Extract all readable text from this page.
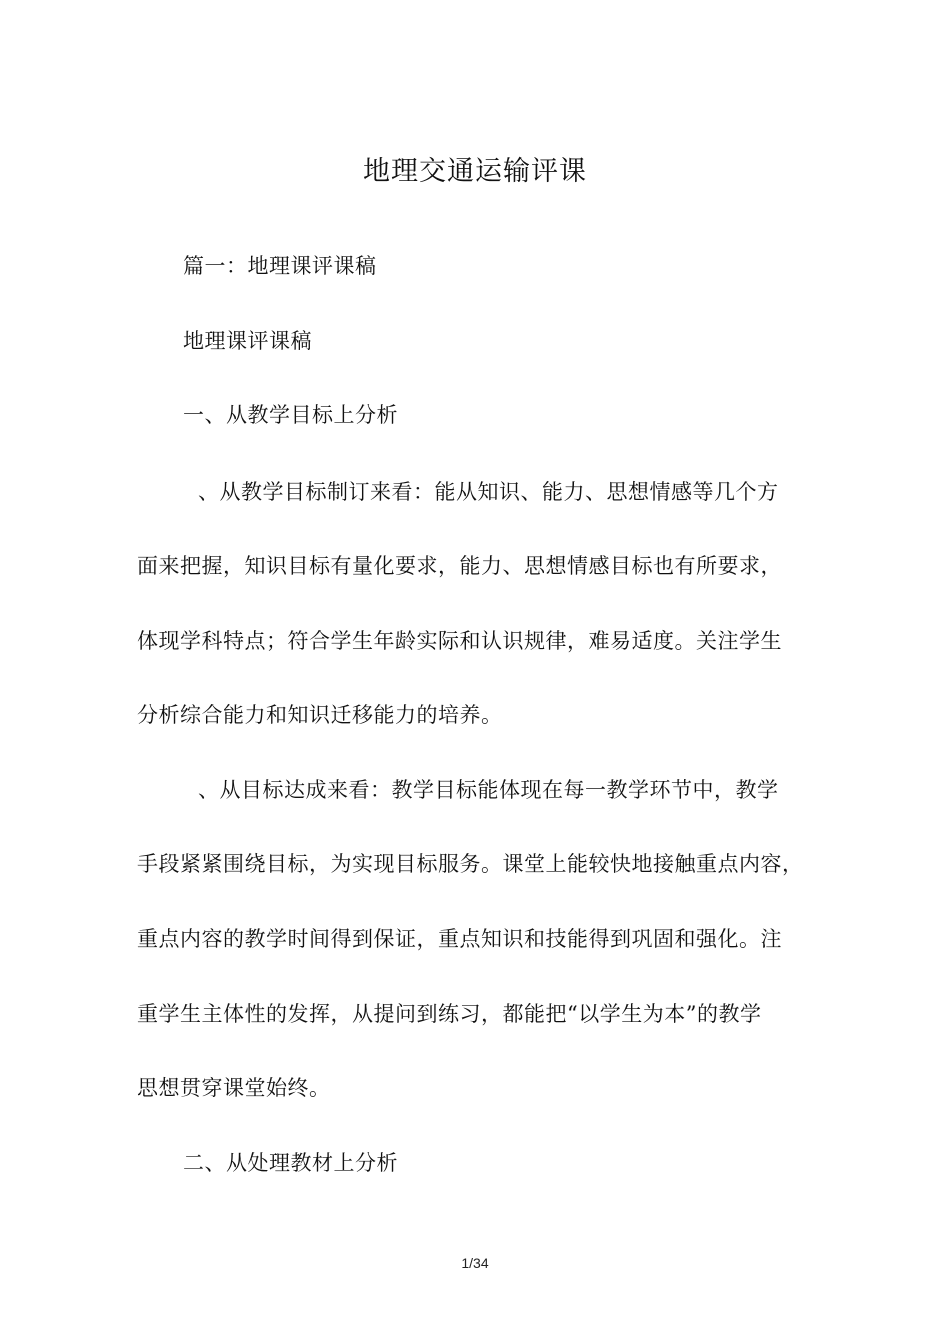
地理交通运输评课
篇一：地理课评课稿
地理课评课稿
一、从教学目标上分析
、从教学目标制订来看：能从知识、能力、思想情感等几个方
面来把握，知识目标有量化要求，能力、思想情感目标也有所要求，
体现学科特点；符合学生年龄实际和认识规律，难易适度。关注学生
分析综合能力和知识迁移能力的培养。
、从目标达成来看：教学目标能体现在每一教学环节中，教学
手段紧紧围绕目标，为实现目标服务。课堂上能较快地接触重点内容，
重点内容的教学时间得到保证，重点知识和技能得到巩固和强化。注
重学生主体性的发挥，从提问到练习，都能把“以学生为本”的教学
思想贯穿课堂始终。
二、从处理教材上分析
1/34
